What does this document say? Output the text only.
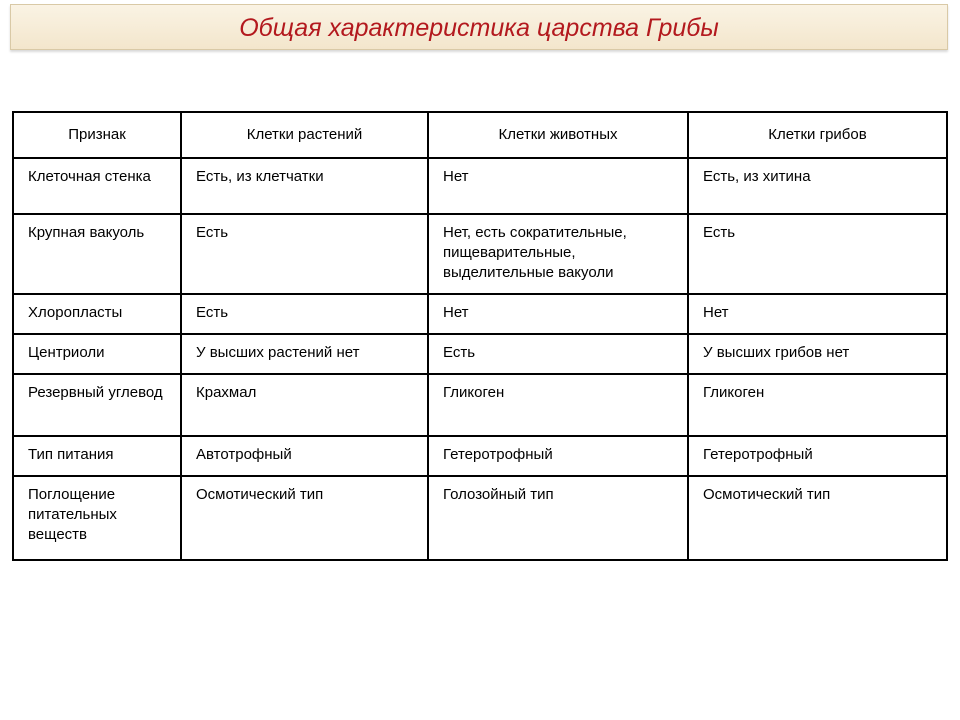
Общая характеристика царства Грибы
Признак	Клетки растений	Клетки животных	Клетки грибов
Клеточная стенка	Есть, из клетчатки	Нет	Есть, из хитина
Крупная вакуоль	Есть	Нет, есть сократительные, пищеварительные, выделительные вакуоли	Есть
Хлоропласты	Есть	Нет	Нет
Центриоли	У высших растений нет	Есть	У высших грибов нет
Резервный углевод	Крахмал	Гликоген	Гликоген
Тип питания	Автотрофный	Гетеротрофный	Гетеротрофный
Поглощение питательных веществ	Осмотический тип	Голозойный тип	Осмотический тип
